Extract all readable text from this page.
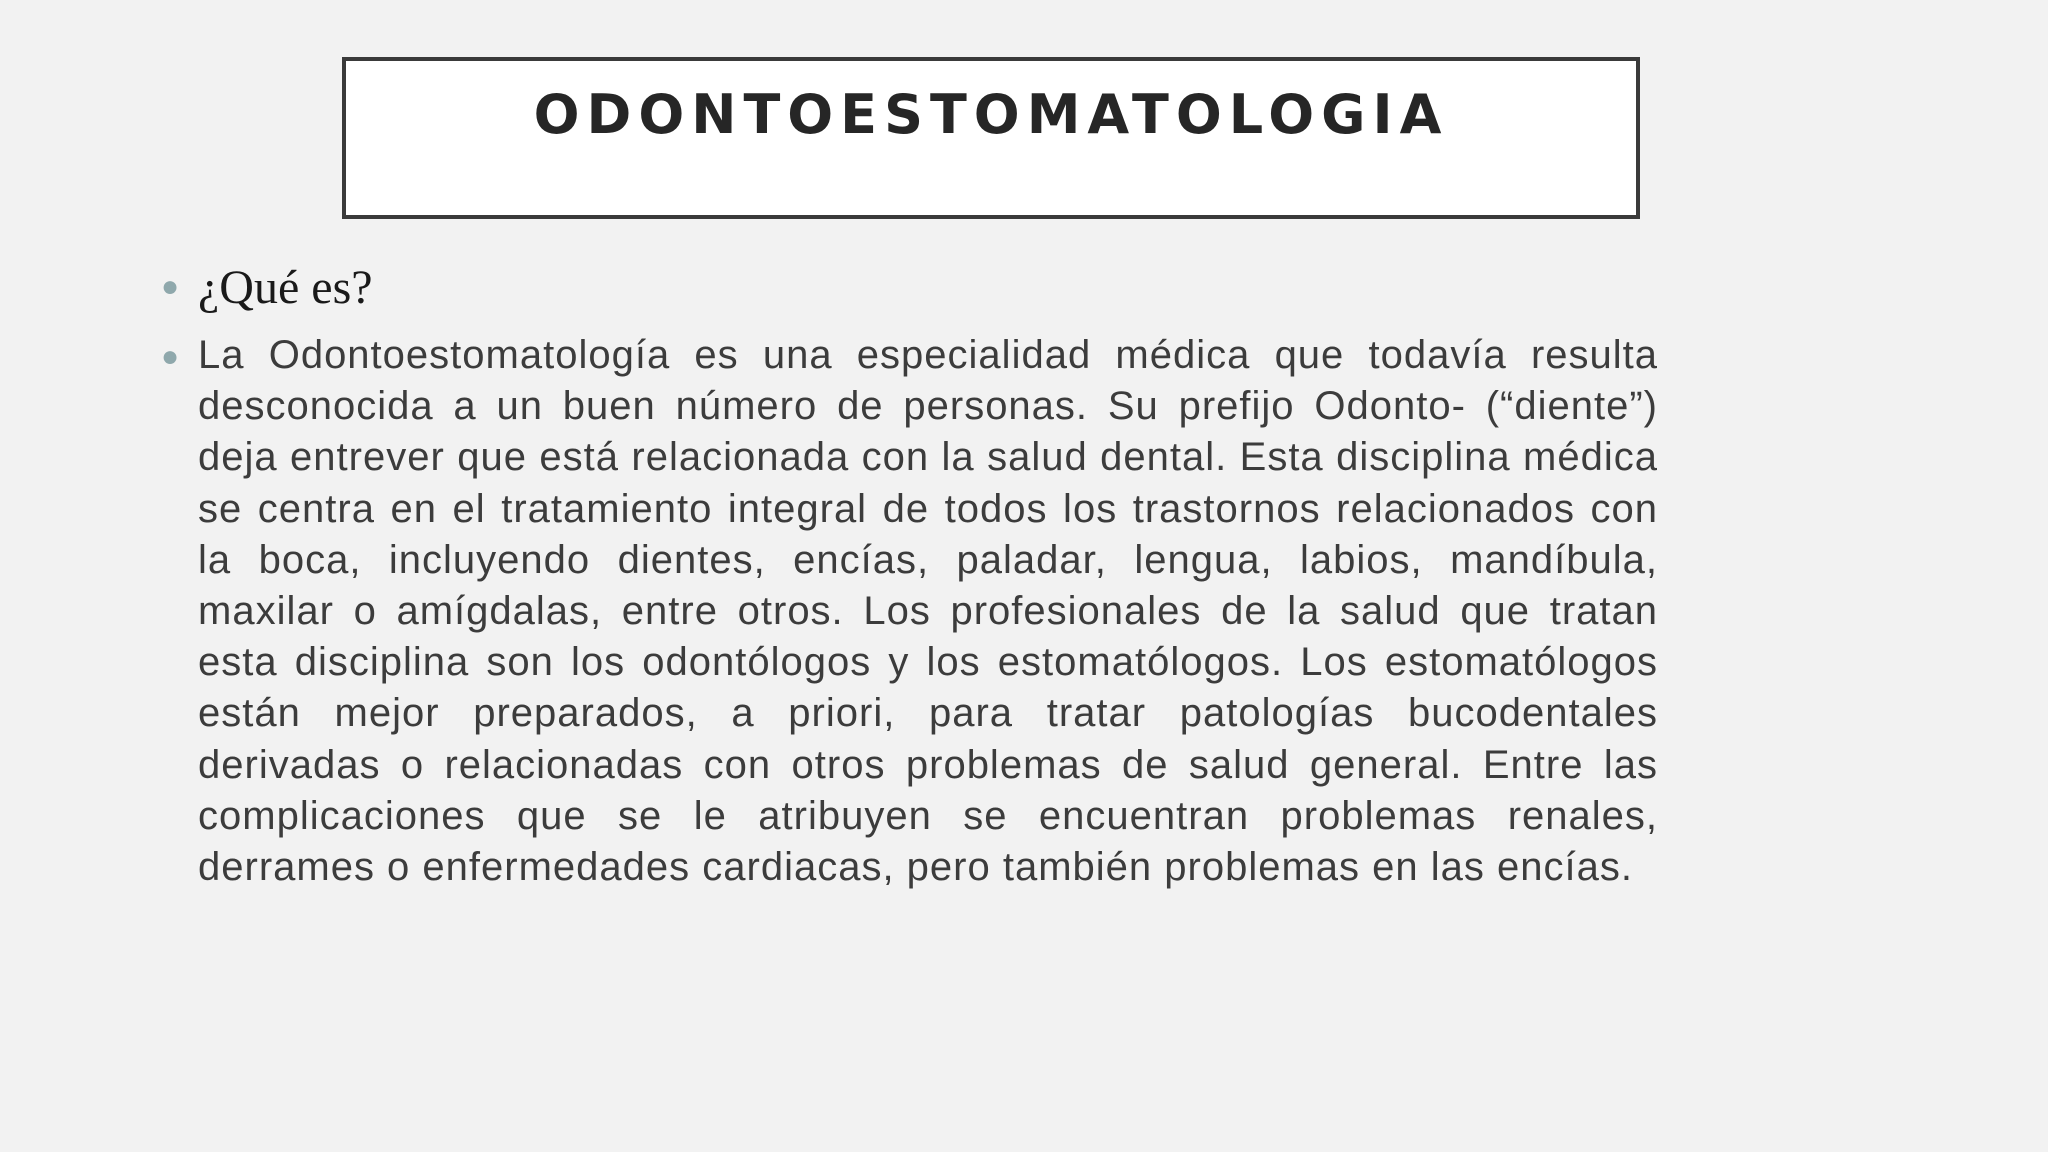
ODONTOESTOMATOLOGIA
● ¿Qué es?

● La Odontoestomatología es una especialidad médica que todavía resulta desconocida a un buen número de personas. Su prefijo Odonto- (“diente”) deja entrever que está relacionada con la salud dental. Esta disciplina médica se centra en el tratamiento integral de todos los trastornos relacionados con la boca, incluyendo dientes, encías, paladar, lengua, labios, mandíbula, maxilar o amígdalas, entre otros. Los profesionales de la salud que tratan esta disciplina son los odontólogos y los estomatólogos. Los estomatólogos están mejor preparados, a priori, para tratar patologías bucodentales derivadas o relacionadas con otros problemas de salud general. Entre las complicaciones que se le atribuyen se encuentran problemas renales, derrames o enfermedades cardiacas, pero también problemas en las encías.
